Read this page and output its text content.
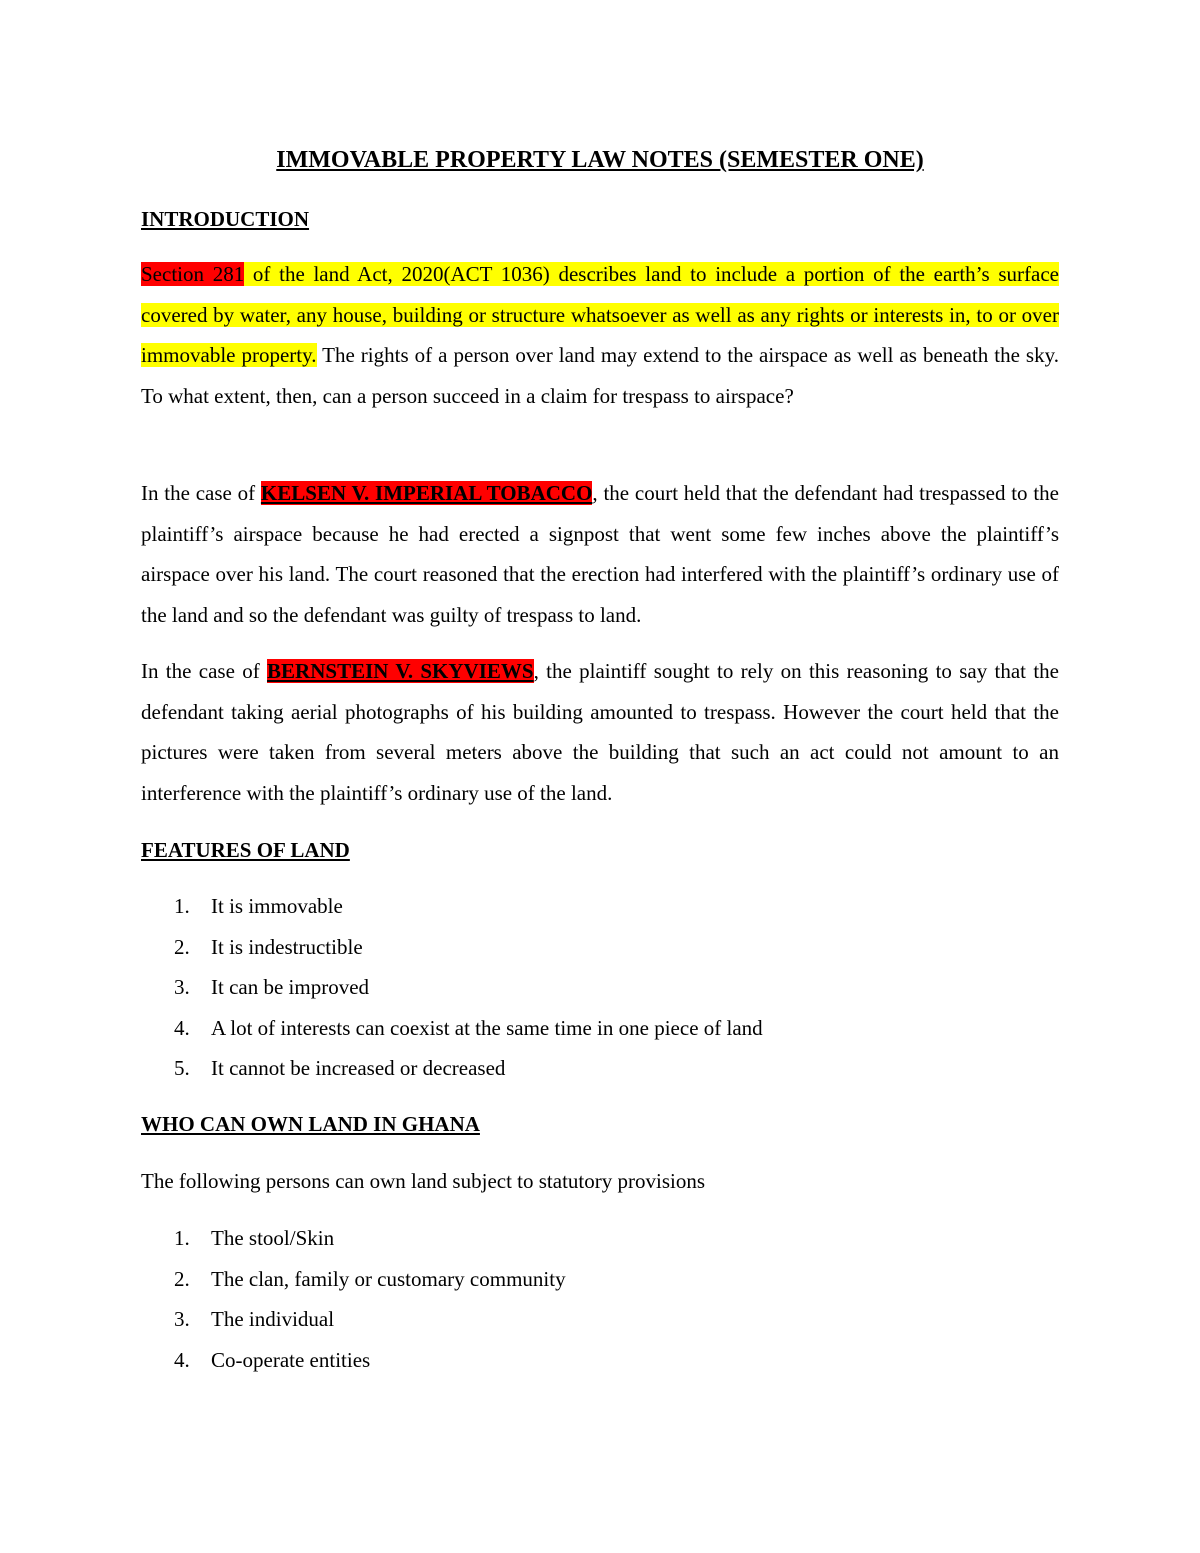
IMMOVABLE PROPERTY LAW NOTES (SEMESTER ONE)
INTRODUCTION

Section 281 of the land Act, 2020(ACT 1036) describes land to include a portion of the earth’s surface covered by water, any house, building or structure whatsoever as well as any rights or interests in, to or over immovable property. The rights of a person over land may extend to the airspace as well as beneath the sky. To what extent, then, can a person succeed in a claim for trespass to airspace?

In the case of KELSEN V. IMPERIAL TOBACCO, the court held that the defendant had trespassed to the plaintiff’s airspace because he had erected a signpost that went some few inches above the plaintiff’s airspace over his land. The court reasoned that the erection had interfered with the plaintiff’s ordinary use of the land and so the defendant was guilty of trespass to land.

In the case of BERNSTEIN V. SKYVIEWS, the plaintiff sought to rely on this reasoning to say that the defendant taking aerial photographs of his building amounted to trespass. However the court held that the pictures were taken from several meters above the building that such an act could not amount to an interference with the plaintiff’s ordinary use of the land.

FEATURES OF LAND
1. It is immovable
2. It is indestructible
3. It can be improved
4. A lot of interests can coexist at the same time in one piece of land
5. It cannot be increased or decreased
WHO CAN OWN LAND IN GHANA

The following persons can own land subject to statutory provisions

1. The stool/Skin
2. The clan, family or customary community
3. The individual
4. Co-operate entities
